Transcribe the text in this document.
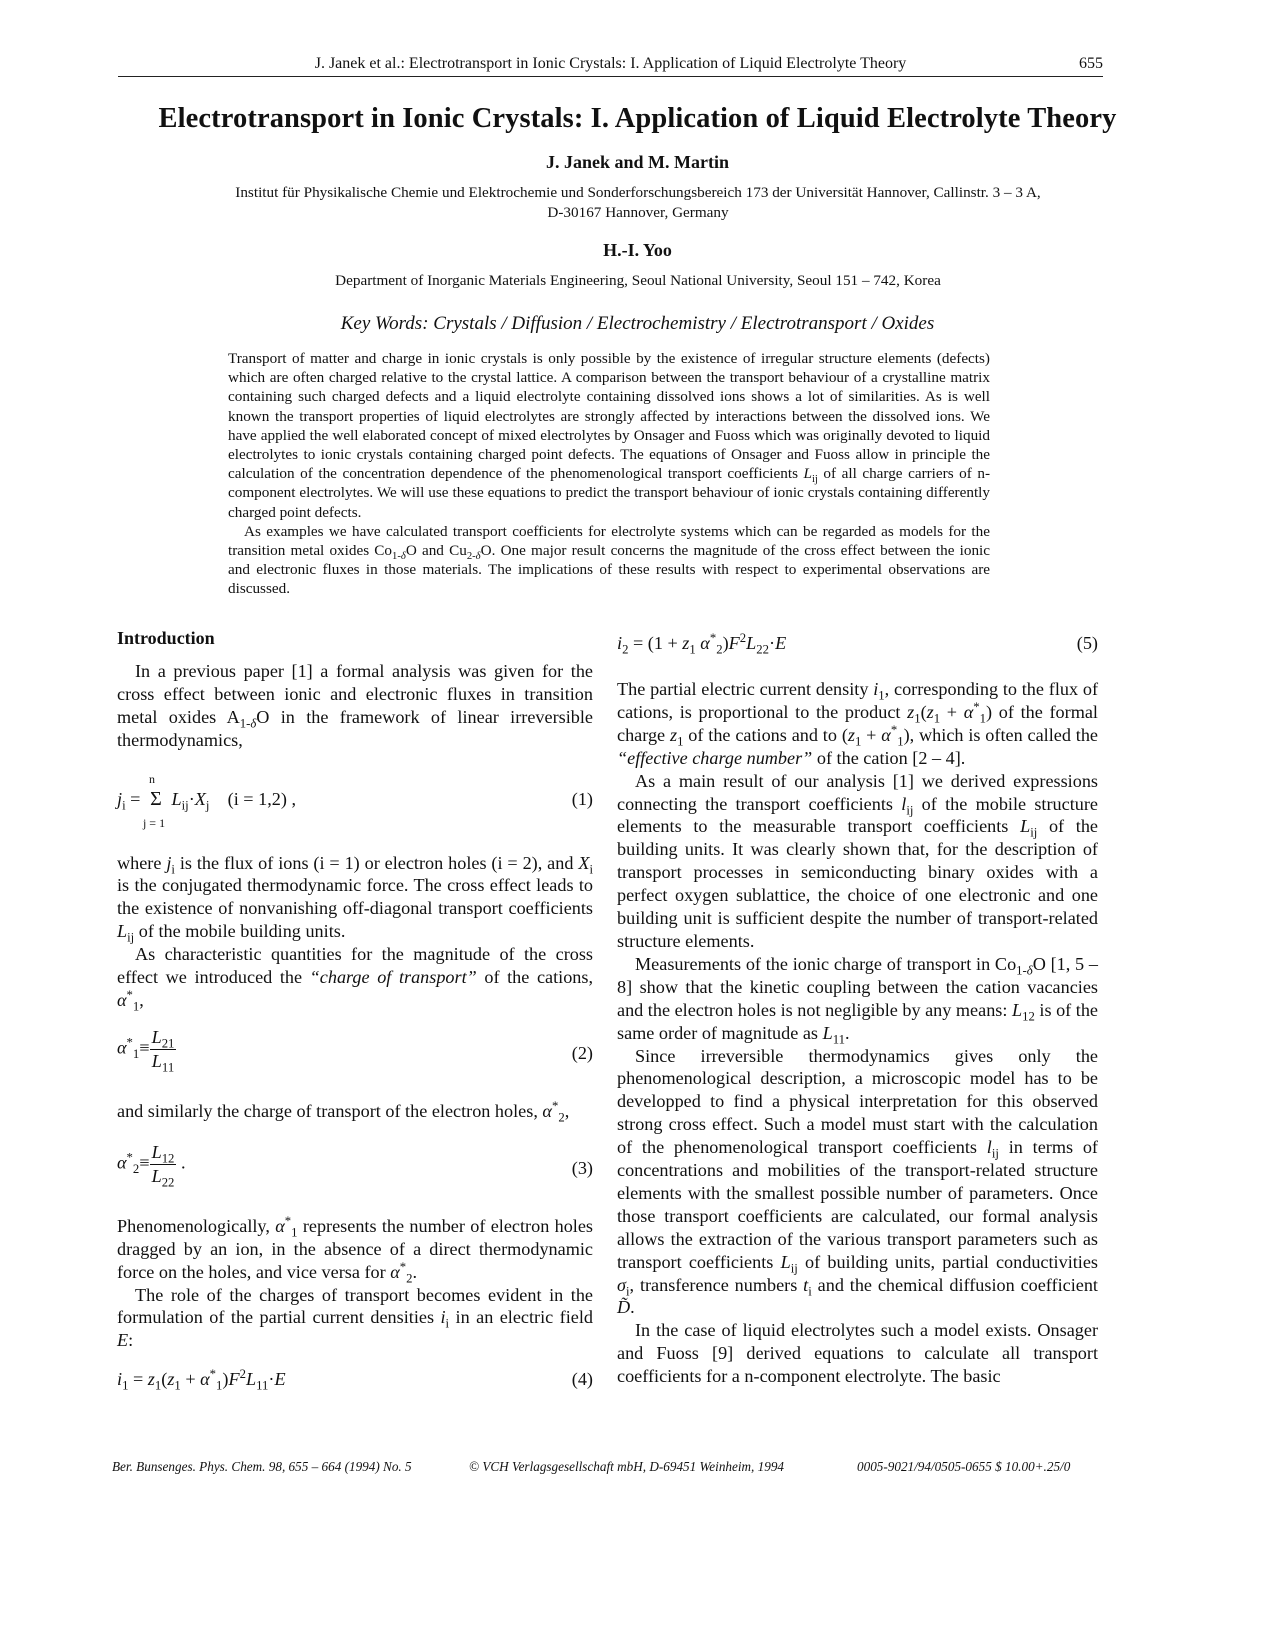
J. Janek et al.: Electrotransport in Ionic Crystals: I. Application of Liquid Electrolyte Theory	655
Electrotransport in Ionic Crystals: I. Application of Liquid Electrolyte Theory
J. Janek and M. Martin
Institut für Physikalische Chemie und Elektrochemie und Sonderforschungsbereich 173 der Universität Hannover, Callinstr. 3 – 3 A,
D-30167 Hannover, Germany
H.-I. Yoo
Department of Inorganic Materials Engineering, Seoul National University, Seoul 151 – 742, Korea
Key Words: Crystals / Diffusion / Electrochemistry / Electrotransport / Oxides

Transport of matter and charge in ionic crystals is only possible by the existence of irregular structure elements (defects) which are often charged relative to the crystal lattice. A comparison between the transport behaviour of a crystalline matrix containing such charged defects and a liquid electrolyte containing dissolved ions shows a lot of similarities. As is well known the transport properties of liquid electrolytes are strongly affected by interactions between the dissolved ions. We have applied the well elaborated concept of mixed electrolytes by Onsager and Fuoss which was originally devoted to liquid electrolytes to ionic crystals containing charged point defects. The equations of Onsager and Fuoss allow in principle the calculation of the concentration dependence of the phenomenological transport coefficients $L_{ij}$ of all charge carriers of n-component electrolytes. We will use these equations to predict the transport behaviour of ionic crystals containing differently charged point defects.

As examples we have calculated transport coefficients for electrolyte systems which can be regarded as models for the transition metal oxides $Co_{1-\delta}O$ and $Cu_{2-\delta}O$. One major result concerns the magnitude of the cross effect between the ionic and electronic fluxes in those materials. The implications of these results with respect to experimental observations are discussed.

Introduction

In a previous paper [1] a formal analysis was given for the cross effect between ionic and electronic fluxes in transition metal oxides $A_{1-\delta}O$ in the framework of linear irreversible thermodynamics,

$j_i$ =
n
Σ
j = 1
$L_{ij}\cdot X_j$ (i = 1,2) ,	(1)

where $j_i$ is the flux of ions (i = 1) or electron holes (i = 2), and $X_i$ is the conjugated thermodynamic force. The cross effect leads to the existence of nonvanishing off-diagonal transport coefficients $L_{ij}$ of the mobile building units.

As characteristic quantities for the magnitude of the cross effect we introduced the “charge of transport” of the cations, $\alpha^*_1$,

$\alpha^*_1\equiv \frac{L_{21}}{L_{11}}$	(2)

and similarly the charge of transport of the electron holes, $\alpha^*_2$,

$\alpha^*_2\equiv \frac{L_{12}}{L_{22}}$ .	(3)

Phenomenologically, $\alpha^*_1$ represents the number of electron holes dragged by an ion, in the absence of a direct thermodynamic force on the holes, and vice versa for $\alpha^*_2$.

The role of the charges of transport becomes evident in the formulation of the partial current densities $i_i$ in an electric field E:

$i_1 = z_1(z_1 + \alpha^*_1)F^2L_{11}\cdot E$	(4)
$i_2 = (1 + z_1$ $\alpha^*_2)F^2L_{22}\cdot E$	(5)

The partial electric current density $i_1$, corresponding to the flux of cations, is proportional to the product $z_1(z_1 + \alpha^*_1)$ of the formal charge $z_1$ of the cations and to $(z_1 + \alpha^*_1)$, which is often called the “effective charge number” of the cation [2 – 4].

As a main result of our analysis [1] we derived expressions connecting the transport coefficients $l_{ij}$ of the mobile structure elements to the measurable transport coefficients $L_{ij}$ of the building units. It was clearly shown that, for the description of transport processes in semiconducting binary oxides with a perfect oxygen sublattice, the choice of one electronic and one building unit is sufficient despite the number of transport-related structure elements.

Measurements of the ionic charge of transport in $Co_{1-\delta}O$ [1, 5 – 8] show that the kinetic coupling between the cation vacancies and the electron holes is not negligible by any means: $L_{12}$ is of the same order of magnitude as $L_{11}$.

Since irreversible thermodynamics gives only the phenomenological description, a microscopic model has to be developped to find a physical interpretation for this observed strong cross effect. Such a model must start with the calculation of the phenomenological transport coefficients $l_{ij}$ in terms of concentrations and mobilities of the transport-related structure elements with the smallest possible number of parameters. Once those transport coefficients are calculated, our formal analysis allows the extraction of the various transport parameters such as transport coefficients $L_{ij}$ of building units, partial conductivities $\sigma_i$, transference numbers $t_i$ and the chemical diffusion coefficient D̃.

In the case of liquid electrolytes such a model exists. Onsager and Fuoss [9] derived equations to calculate all transport coefficients for a n-component electrolyte. The basic

Ber. Bunsenges. Phys. Chem. 98, 655 – 664 (1994) No. 5	© VCH Verlagsgesellschaft mbH, D-69451 Weinheim, 1994	0005-9021/94/0505-0655 $ 10.00+.25/0
